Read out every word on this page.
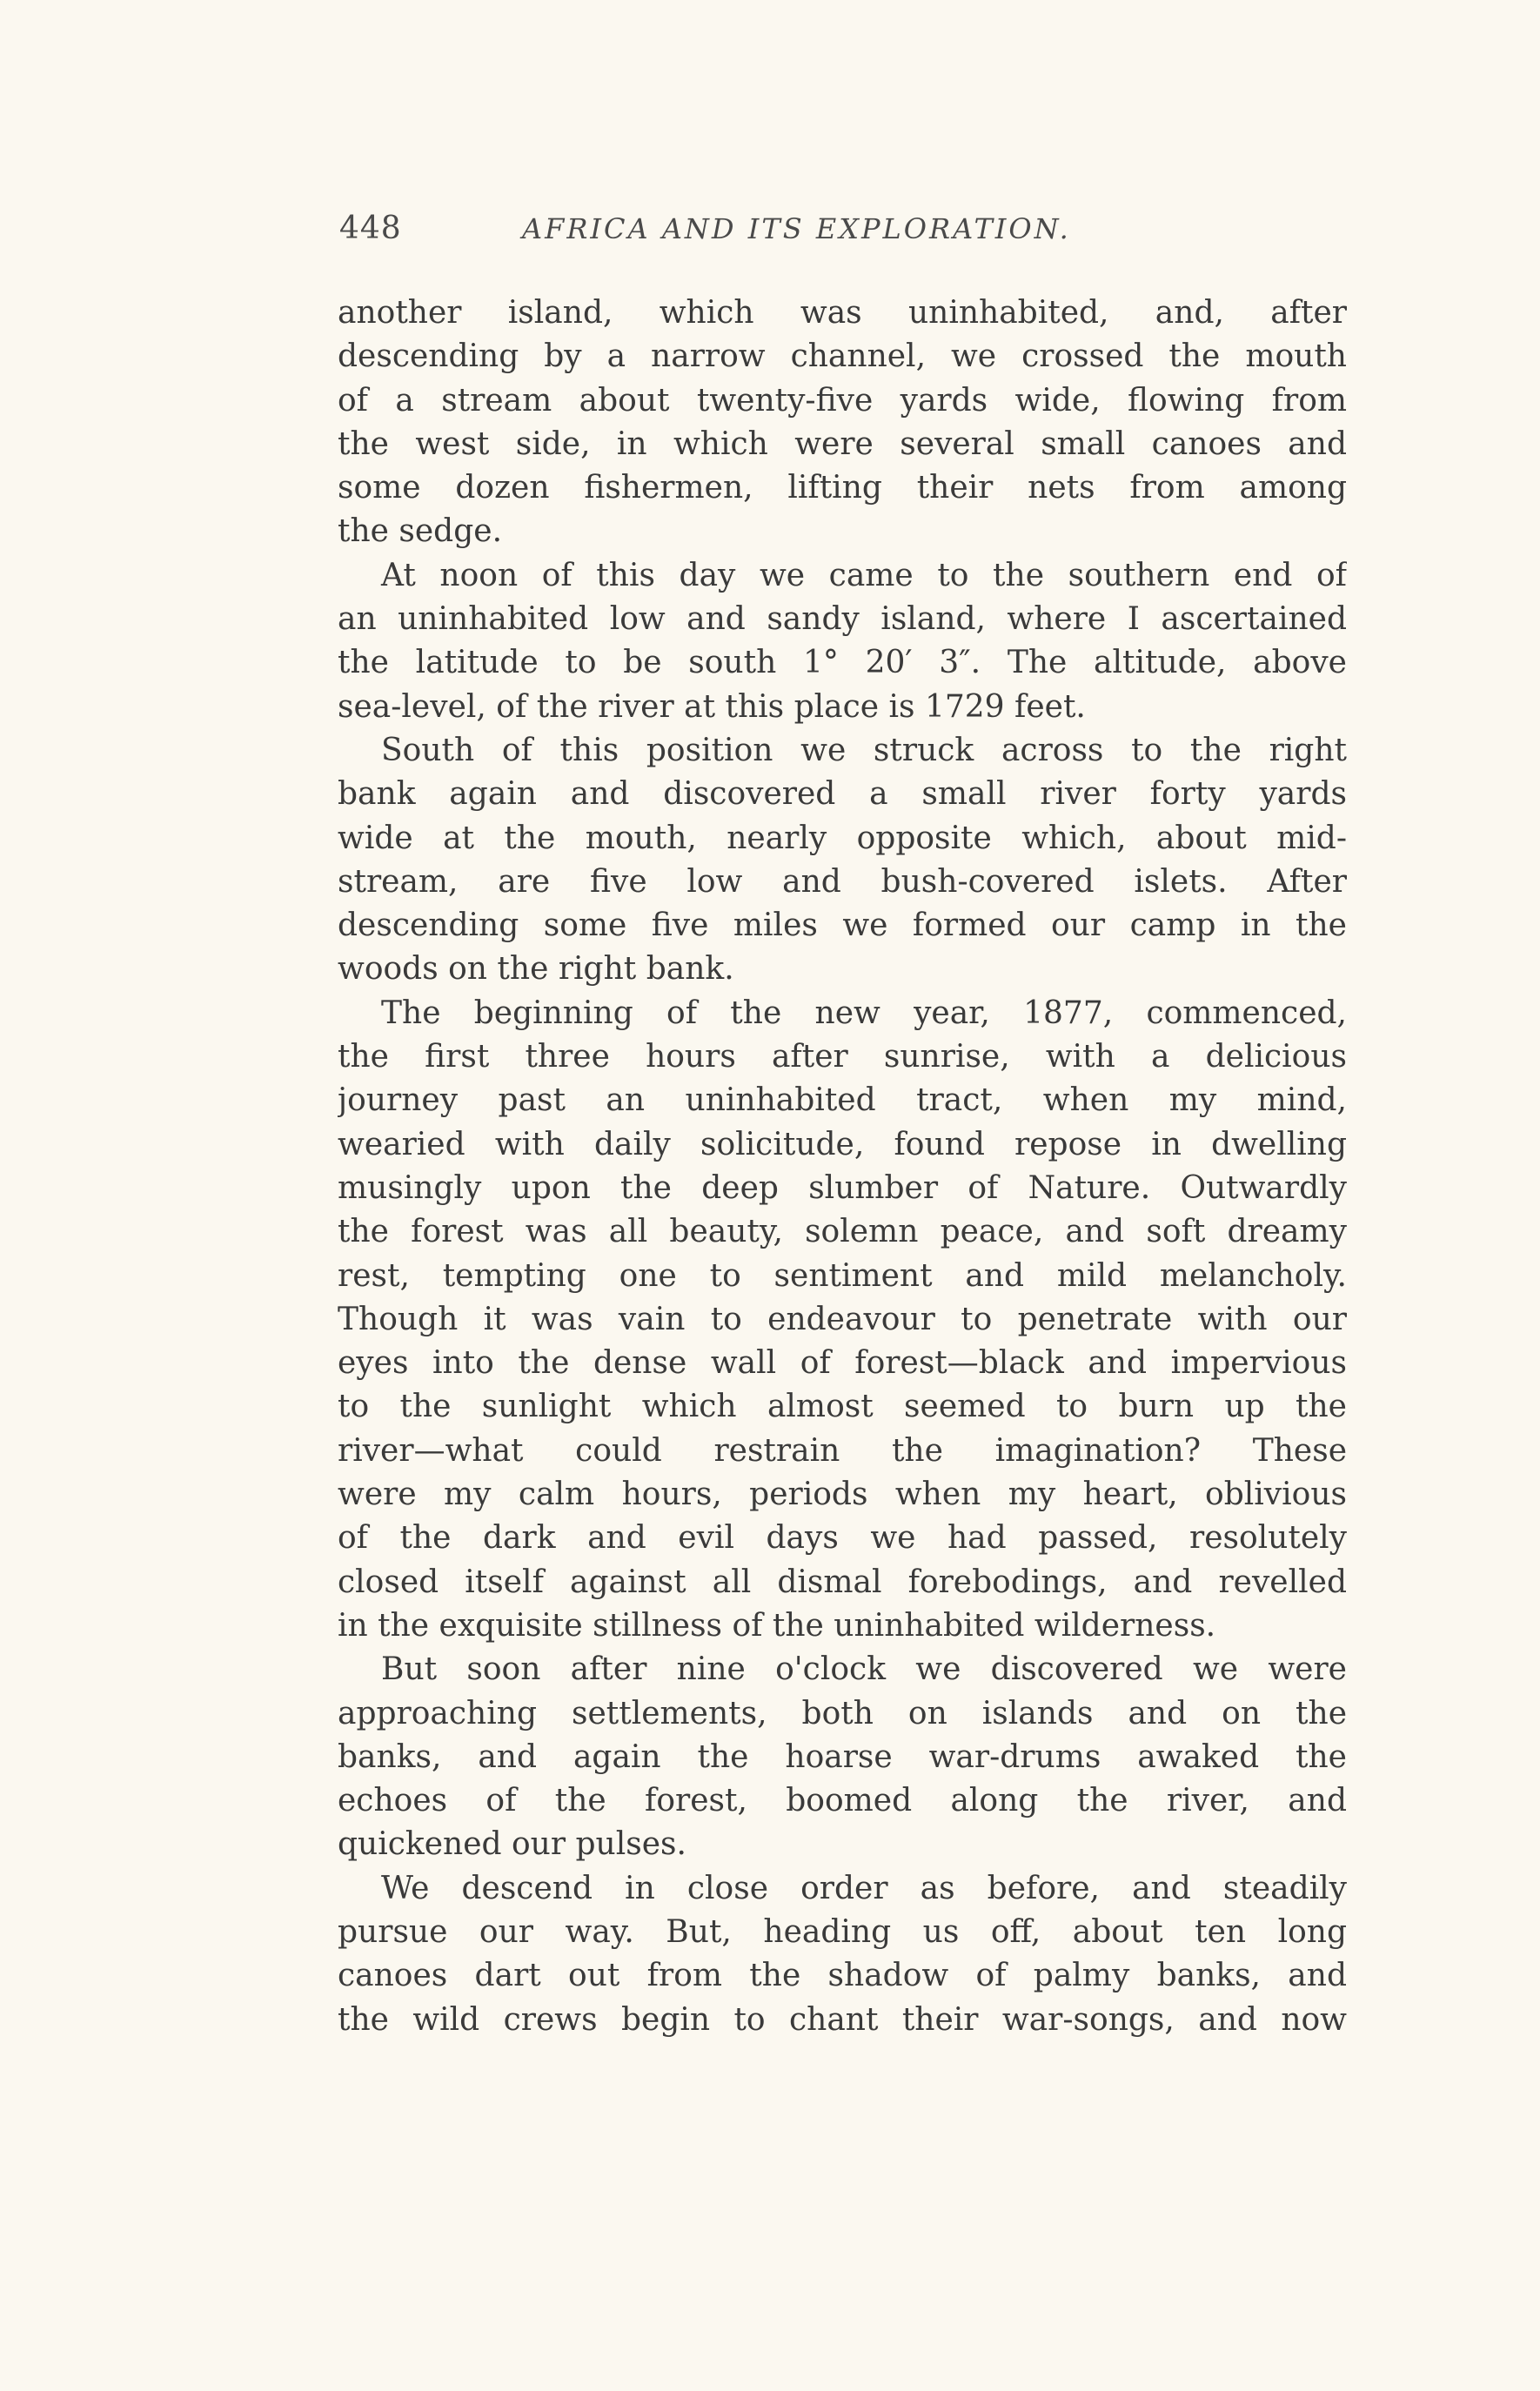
448	AFRICA AND ITS EXPLORATION.
another island, which was uninhabited, and, after
descending by a narrow channel, we crossed the mouth
of a stream about twenty-five yards wide, flowing from
the west side, in which were several small canoes and
some dozen fishermen, lifting their nets from among
the sedge.
At noon of this day we came to the southern end of
an uninhabited low and sandy island, where I ascertained
the latitude to be south 1° 20′ 3″. The altitude, above
sea-level, of the river at this place is 1729 feet.
South of this position we struck across to the right
bank again and discovered a small river forty yards
wide at the mouth, nearly opposite which, about mid-
stream, are five low and bush-covered islets. After
descending some five miles we formed our camp in the
woods on the right bank.
The beginning of the new year, 1877, commenced,
the first three hours after sunrise, with a delicious
journey past an uninhabited tract, when my mind,
wearied with daily solicitude, found repose in dwelling
musingly upon the deep slumber of Nature. Outwardly
the forest was all beauty, solemn peace, and soft dreamy
rest, tempting one to sentiment and mild melancholy.
Though it was vain to endeavour to penetrate with our
eyes into the dense wall of forest—black and impervious
to the sunlight which almost seemed to burn up the
river—what could restrain the imagination? These
were my calm hours, periods when my heart, oblivious
of the dark and evil days we had passed, resolutely
closed itself against all dismal forebodings, and revelled
in the exquisite stillness of the uninhabited wilderness.
But soon after nine o'clock we discovered we were
approaching settlements, both on islands and on the
banks, and again the hoarse war-drums awaked the
echoes of the forest, boomed along the river, and
quickened our pulses.
We descend in close order as before, and steadily
pursue our way. But, heading us off, about ten long
canoes dart out from the shadow of palmy banks, and
the wild crews begin to chant their war-songs, and now
